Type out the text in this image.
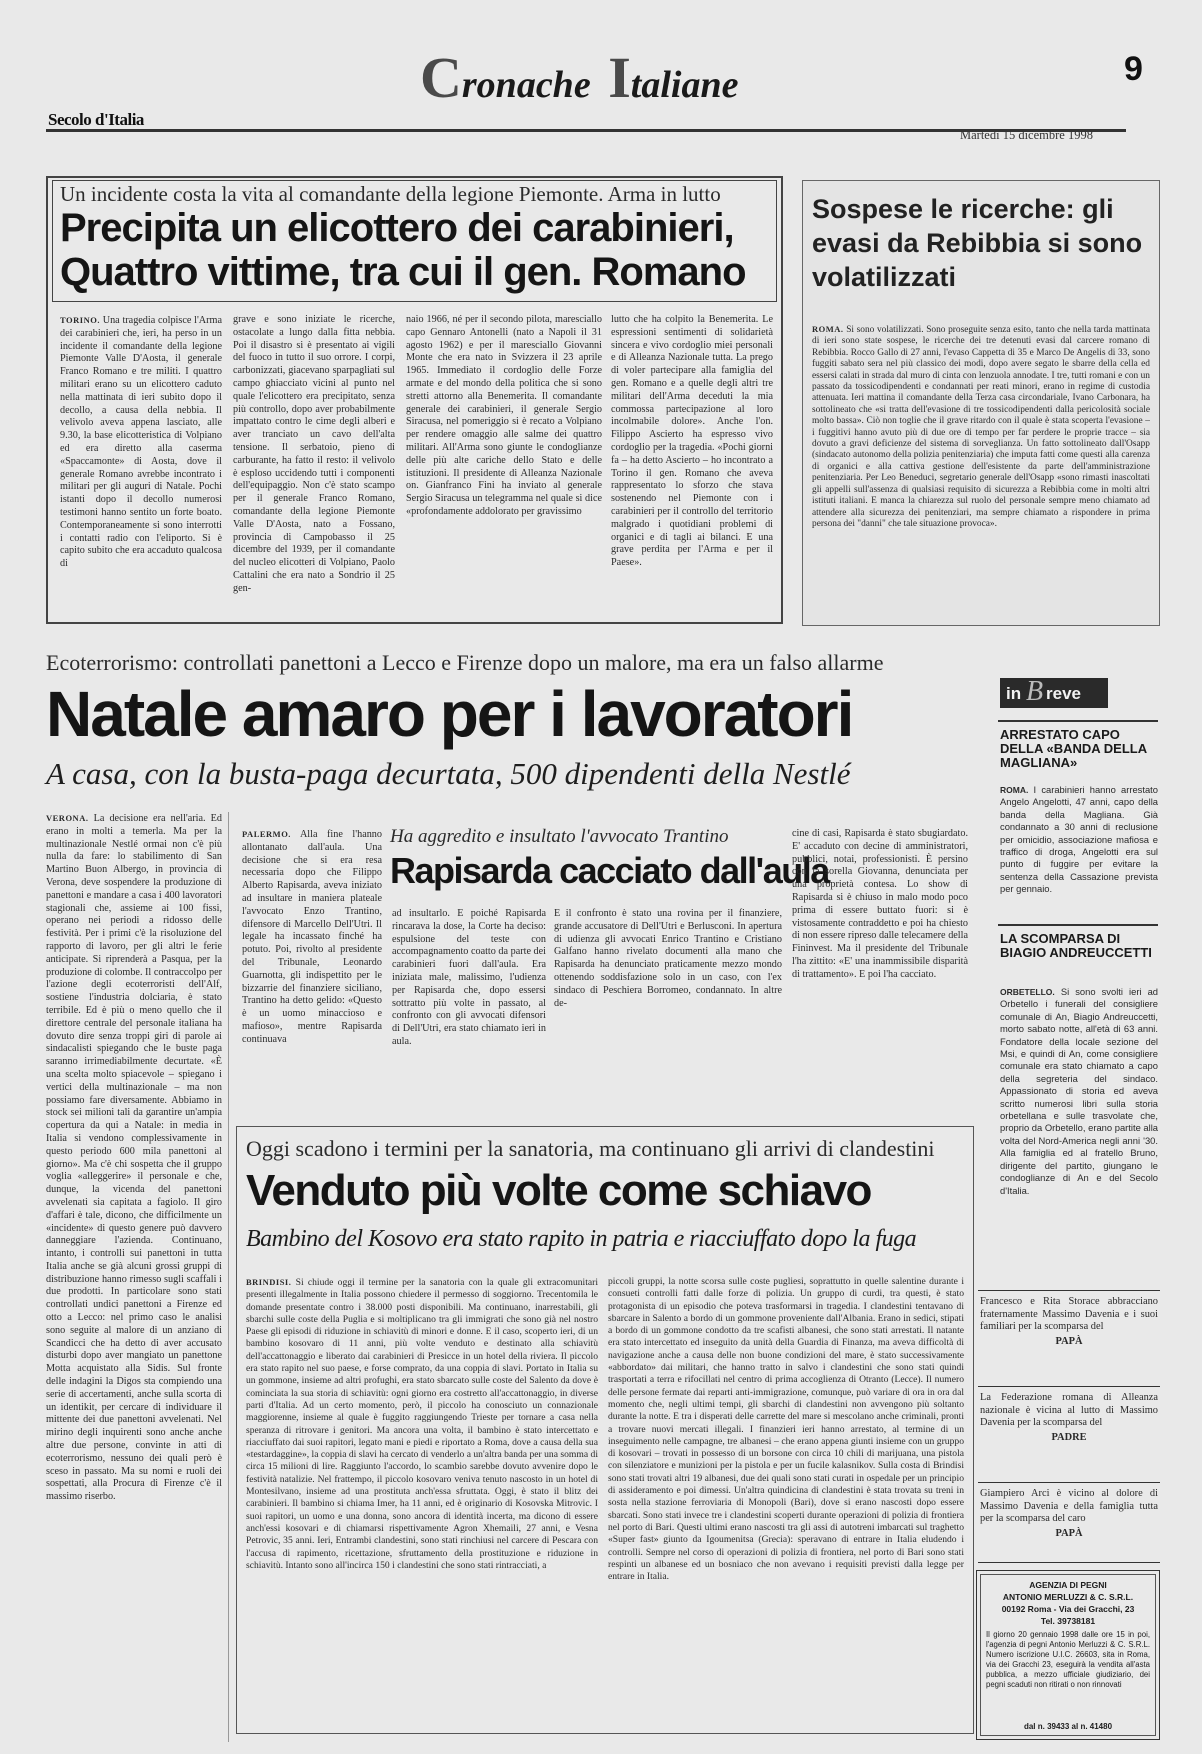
Cronache Italiane	9
Secolo d'Italia
Martedì 15 dicembre 1998
Un incidente costa la vita al comandante della legione Piemonte. Arma in lutto
Precipita un elicottero dei carabinieri,
Quattro vittime, tra cui il gen. Romano
TORINO. Una tragedia colpisce l'Arma dei carabinieri che, ieri, ha perso in un incidente il comandante della legione Piemonte Valle D'Aosta, il generale Franco Romano e tre militi. I quattro militari erano su un elicottero caduto nella mattinata di ieri subito dopo il decollo, a causa della nebbia. Il velivolo aveva appena lasciato, alle 9.30, la base elicotteristica di Volpiano ed era diretto alla caserma «Spaccamonte» di Aosta, dove il generale Romano avrebbe incontrato i militari per gli auguri di Natale. Pochi istanti dopo il decollo numerosi testimoni hanno sentito un forte boato. Contemporaneamente si sono interrotti i contatti radio con l'eliporto. Si è capito subito che era accaduto qualcosa di
grave e sono iniziate le ricerche, ostacolate a lungo dalla fitta nebbia. Poi il disastro si è presentato ai vigili del fuoco in tutto il suo orrore. I corpi, carbonizzati, giacevano sparpagliati sul campo ghiacciato vicini al punto nel quale l'elicottero era precipitato, senza più controllo, dopo aver probabilmente impattato contro le cime degli alberi e aver tranciato un cavo dell'alta tensione. Il serbatoio, pieno di carburante, ha fatto il resto: il velivolo è esploso uccidendo tutti i componenti dell'equipaggio. Non c'è stato scampo per il generale Franco Romano, comandante della legione Piemonte Valle D'Aosta, nato a Fossano, provincia di Campobasso il 25 dicembre del 1939, per il comandante del nucleo elicotteri di Volpiano, Paolo Cattalini che era nato a Sondrio il 25 gen-
naio 1966, né per il secondo pilota, maresciallo capo Gennaro Antonelli (nato a Napoli il 31 agosto 1962) e per il maresciallo Giovanni Monte che era nato in Svizzera il 23 aprile 1965. Immediato il cordoglio delle Forze armate e del mondo della politica che si sono stretti attorno alla Benemerita. Il comandante generale dei carabinieri, il generale Sergio Siracusa, nel pomeriggio si è recato a Volpiano per rendere omaggio alle salme dei quattro militari. All'Arma sono giunte le condoglianze delle più alte cariche dello Stato e delle istituzioni. Il presidente di Alleanza Nazionale on. Gianfranco Fini ha inviato al generale Sergio Siracusa un telegramma nel quale si dice «profondamente addolorato per gravissimo
lutto che ha colpito la Benemerita. Le espressioni sentimenti di solidarietà sincera e vivo cordoglio miei personali e di Alleanza Nazionale tutta. La prego di voler partecipare alla famiglia del gen. Romano e a quelle degli altri tre militari dell'Arma deceduti la mia commossa partecipazione al loro incolmabile dolore». Anche l'on. Filippo Ascierto ha espresso vivo cordoglio per la tragedia. «Pochi giorni fa – ha detto Ascierto – ho incontrato a Torino il gen. Romano che aveva rappresentato lo sforzo che stava sostenendo nel Piemonte con i carabinieri per il controllo del territorio malgrado i quotidiani problemi di organici e di tagli ai bilanci. E una grave perdita per l'Arma e per il Paese».
Sospese le ricerche: gli evasi da Rebibbia si sono volatilizzati
ROMA. Si sono volatilizzati. Sono proseguite senza esito, tanto che nella tarda mattinata di ieri sono state sospese, le ricerche dei tre detenuti evasi dal carcere romano di Rebibbia. Rocco Gallo di 27 anni, l'evaso Cappetta di 35 e Marco De Angelis di 33, sono fuggiti sabato sera nel più classico dei modi, dopo avere segato le sbarre della cella ed essersi calati in strada dal muro di cinta con lenzuola annodate. I tre, tutti romani e con un passato da tossicodipendenti e condannati per reati minori, erano in regime di custodia attenuata. Ieri mattina il comandante della Terza casa circondariale, Ivano Carbonara, ha sottolineato che «si tratta dell'evasione di tre tossicodipendenti dalla pericolosità sociale molto bassa». Ciò non toglie che il grave ritardo con il quale è stata scoperta l'evasione – i fuggitivi hanno avuto più di due ore di tempo per far perdere le proprie tracce – sia dovuto a gravi deficienze del sistema di sorveglianza. Un fatto sottolineato dall'Osapp (sindacato autonomo della polizia penitenziaria) che imputa fatti come questi alla carenza di organici e alla cattiva gestione dell'esistente da parte dell'amministrazione penitenziaria. Per Leo Beneduci, segretario generale dell'Osapp «sono rimasti inascoltati gli appelli sull'assenza di qualsiasi requisito di sicurezza a Rebibbia come in molti altri istituti italiani. E manca la chiarezza sul ruolo del personale sempre meno chiamato ad attendere alla sicurezza dei penitenziari, ma sempre chiamato a rispondere in prima persona dei "danni" che tale situazione provoca».
Ecoterrorismo: controllati panettoni a Lecco e Firenze dopo un malore, ma era un falso allarme
Natale amaro per i lavoratori
A casa, con la busta-paga decurtata, 500 dipendenti della Nestlé
VERONA. La decisione era nell'aria. Ed erano in molti a temerla. Ma per la multinazionale Nestlé ormai non c'è più nulla da fare: lo stabilimento di San Martino Buon Albergo, in provincia di Verona, deve sospendere la produzione di panettoni e mandare a casa i 400 lavoratori stagionali che, assieme ai 100 fissi, operano nei periodi a ridosso delle festività. Per i primi c'è la risoluzione del rapporto di lavoro, per gli altri le ferie anticipate. Si riprenderà a Pasqua, per la produzione di colombe. Il contraccolpo per l'azione degli ecoterroristi dell'Alf, sostiene l'industria dolciaria, è stato terribile. Ed è più o meno quello che il direttore centrale del personale italiana ha dovuto dire senza troppi giri di parole ai sindacalisti spiegando che le buste paga saranno irrimediabilmente decurtate. «È una scelta molto spiacevole – spiegano i vertici della multinazionale – ma non possiamo fare diversamente. Abbiamo in stock sei milioni tali da garantire un'ampia copertura da qui a Natale: in media in Italia si vendono complessivamente in questo periodo 600 mila panettoni al giorno». Ma c'è chi sospetta che il gruppo voglia «alleggerire» il personale e che, dunque, la vicenda del panettoni avvelenati sia capitata a fagiolo. Il giro d'affari è tale, dicono, che difficilmente un «incidente» di questo genere può davvero danneggiare l'azienda. Continuano, intanto, i controlli sui panettoni in tutta Italia anche se già alcuni grossi gruppi di distribuzione hanno rimesso sugli scaffali i due prodotti. In particolare sono stati controllati undici panettoni a Firenze ed otto a Lecco: nel primo caso le analisi sono seguite al malore di un anziano di Scandicci che ha detto di aver accusato disturbi dopo aver mangiato un panettone Motta acquistato alla Sidis. Sul fronte delle indagini la Digos sta compiendo una serie di accertamenti, anche sulla scorta di un identikit, per cercare di individuare il mittente dei due panettoni avvelenati. Nel mirino degli inquirenti sono anche anche altre due persone, convinte in atti di ecoterrorismo, nessuno dei quali però è sceso in passato. Ma su nomi e ruoli dei sospettati, alla Procura di Firenze c'è il massimo riserbo.
Ha aggredito e insultato l'avvocato Trantino
Rapisarda cacciato dall'aula
PALERMO. Alla fine l'hanno allontanato dall'aula. Una decisione che si era resa necessaria dopo che Filippo Alberto Rapisarda, aveva iniziato ad insultare in maniera plateale l'avvocato Enzo Trantino, difensore di Marcello Dell'Utri. Il legale ha incassato finché ha potuto. Poi, rivolto al presidente del Tribunale, Leonardo Guarnotta, gli indispettito per le bizzarrie del finanziere siciliano, Trantino ha detto gelido: «Questo è un uomo minaccioso e mafioso», mentre Rapisarda continuava
ad insultarlo. E poiché Rapisarda rincarava la dose, la Corte ha deciso: espulsione del teste con accompagnamento coatto da parte dei carabinieri fuori dall'aula. Era iniziata male, malissimo, l'udienza per Rapisarda che, dopo essersi sottratto più volte in passato, al confronto con gli avvocati difensori di Dell'Utri, era stato chiamato ieri in aula.
E il confronto è stato una rovina per il finanziere, grande accusatore di Dell'Utri e Berlusconi. In apertura di udienza gli avvocati Enrico Trantino e Cristiano Galfano hanno rivelato documenti alla mano che Rapisarda ha denunciato praticamente mezzo mondo ottenendo soddisfazione solo in un caso, con l'ex sindaco di Peschiera Borromeo, condannato. In altre de-
cine di casi, Rapisarda è stato sbugiardato. E' accaduto con decine di amministratori, pubblici, notai, professionisti. È persino con la sorella Giovanna, denunciata per una proprietà contesa. Lo show di Rapisarda si è chiuso in malo modo poco prima di essere buttato fuori: si è vistosamente contraddetto e poi ha chiesto di non essere ripreso dalle telecamere della Fininvest. Ma il presidente del Tribunale l'ha zittito: «E' una inammissibile disparità di trattamento». E poi l'ha cacciato.
Oggi scadono i termini per la sanatoria, ma continuano gli arrivi di clandestini
Venduto più volte come schiavo
Bambino del Kosovo era stato rapito in patria e riacciuffato dopo la fuga
BRINDISI. Si chiude oggi il termine per la sanatoria con la quale gli extracomunitari presenti illegalmente in Italia possono chiedere il permesso di soggiorno. Trecentomila le domande presentate contro i 38.000 posti disponibili. Ma continuano, inarrestabili, gli sbarchi sulle coste della Puglia e si moltiplicano tra gli immigrati che sono già nel nostro Paese gli episodi di riduzione in schiavitù di minori e donne. E il caso, scoperto ieri, di un bambino kosovaro di 11 anni, più volte venduto e destinato alla schiavitù dell'accattonaggio e liberato dai carabinieri di Presicce in un hotel della riviera. Il piccolo era stato rapito nel suo paese, e forse comprato, da una coppia di slavi. Portato in Italia su un gommone, insieme ad altri profughi, era stato sbarcato sulle coste del Salento da dove è cominciata la sua storia di schiavitù: ogni giorno era costretto all'accattonaggio, in diverse parti d'Italia. Ad un certo momento, però, il piccolo ha conosciuto un connazionale maggiorenne, insieme al quale è fuggito raggiungendo Trieste per tornare a casa nella speranza di ritrovare i genitori. Ma ancora una volta, il bambino è stato intercettato e riacciuffato dai suoi rapitori, legato mani e piedi e riportato a Roma, dove a causa della sua «testardaggine», la coppia di slavi ha cercato di venderlo a un'altra banda per una somma di circa 15 milioni di lire. Raggiunto l'accordo, lo scambio sarebbe dovuto avvenire dopo le festività natalizie. Nel frattempo, il piccolo kosovaro veniva tenuto nascosto in un hotel di Montesilvano, insieme ad una prostituta anch'essa sfruttata. Oggi, è stato il blitz dei carabinieri. Il bambino si chiama Imer, ha 11 anni, ed è originario di Kosovska Mitrovic. I suoi rapitori, un uomo e una donna, sono ancora di identità incerta, ma dicono di essere anch'essi kosovari e di chiamarsi rispettivamente Agron Xhemaili, 27 anni, e Vesna Petrovic, 35 anni. Ieri, Entrambi clandestini, sono stati rinchiusi nel carcere di Pescara con l'accusa di rapimento, ricettazione, sfruttamento della prostituzione e riduzione in schiavitù. Intanto sono all'incirca 150 i clandestini che sono stati rintracciati, a
piccoli gruppi, la notte scorsa sulle coste pugliesi, soprattutto in quelle salentine durante i consueti controlli fatti dalle forze di polizia. Un gruppo di curdi, tra questi, è stato protagonista di un episodio che poteva trasformarsi in tragedia. I clandestini tentavano di sbarcare in Salento a bordo di un gommone proveniente dall'Albania. Erano in sedici, stipati a bordo di un gommone condotto da tre scafisti albanesi, che sono stati arrestati. Il natante era stato intercettato ed inseguito da unità della Guardia di Finanza, ma aveva difficoltà di navigazione anche a causa delle non buone condizioni del mare, è stato successivamente «abbordato» dai militari, che hanno tratto in salvo i clandestini che sono stati quindi trasportati a terra e rifocillati nel centro di prima accoglienza di Otranto (Lecce). Il numero delle persone fermate dai reparti anti-immigrazione, comunque, può variare di ora in ora dal momento che, negli ultimi tempi, gli sbarchi di clandestini non avvengono più soltanto durante la notte. E tra i disperati delle carrette del mare si mescolano anche criminali, pronti a trovare nuovi mercati illegali. I finanzieri ieri hanno arrestato, al termine di un inseguimento nelle campagne, tre albanesi – che erano appena giunti insieme con un gruppo di kosovari – trovati in possesso di un borsone con circa 10 chili di marijuana, una pistola con silenziatore e munizioni per la pistola e per un fucile kalasnikov. Sulla costa di Brindisi sono stati trovati altri 19 albanesi, due dei quali sono stati curati in ospedale per un principio di assideramento e poi dimessi. Un'altra quindicina di clandestini è stata trovata su treni in sosta nella stazione ferroviaria di Monopoli (Bari), dove si erano nascosti dopo essere sbarcati. Sono stati invece tre i clandestini scoperti durante operazioni di polizia di frontiera nel porto di Bari. Questi ultimi erano nascosti tra gli assi di autotreni imbarcati sul traghetto «Super fast» giunto da Igoumenitsa (Grecia): speravano di entrare in Italia eludendo i controlli. Sempre nel corso di operazioni di polizia di frontiera, nel porto di Bari sono stati respinti un albanese ed un bosniaco che non avevano i requisiti previsti dalla legge per entrare in Italia.
in B reve
ARRESTATO CAPO DELLA «BANDA DELLA MAGLIANA»
ROMA. I carabinieri hanno arrestato Angelo Angelotti, 47 anni, capo della banda della Magliana. Già condannato a 30 anni di reclusione per omicidio, associazione mafiosa e traffico di droga, Angelotti era sul punto di fuggire per evitare la sentenza della Cassazione prevista per gennaio.
LA SCOMPARSA DI BIAGIO ANDREUCCETTI
ORBETELLO. Si sono svolti ieri ad Orbetello i funerali del consigliere comunale di An, Biagio Andreuccetti, morto sabato notte, all'età di 63 anni. Fondatore della locale sezione del Msi, e quindi di An, come consigliere comunale era stato chiamato a capo della segreteria del sindaco. Appassionato di storia ed aveva scritto numerosi libri sulla storia orbetellana e sulle trasvolate che, proprio da Orbetello, erano partite alla volta del Nord-America negli anni '30. Alla famiglia ed al fratello Bruno, dirigente del partito, giungano le condoglianze di An e del Secolo d'Italia.
Francesco e Rita Storace abbracciano fraternamente Massimo Davenia e i suoi familiari per la scomparsa del
PAPÀ
La Federazione romana di Alleanza nazionale è vicina al lutto di Massimo Davenia per la scomparsa del
PADRE
Giampiero Arci è vicino al dolore di Massimo Davenia e della famiglia tutta per la scomparsa del caro
PAPÀ
AGENZIA DI PEGNI
ANTONIO MERLUZZI & C. S.R.L.
00192 Roma - Via dei Gracchi, 23
Tel. 39738181
Il giorno 20 gennaio 1998 dalle ore 15 in poi, l'agenzia di pegni Antonio Merluzzi & C. S.R.L. Numero iscrizione U.I.C. 26603, sita in Roma, via dei Gracchi 23, eseguirà la vendita all'asta pubblica, a mezzo ufficiale giudiziario, dei pegni scaduti non ritirati o non rinnovati
dal n. 39433 al n. 41480
